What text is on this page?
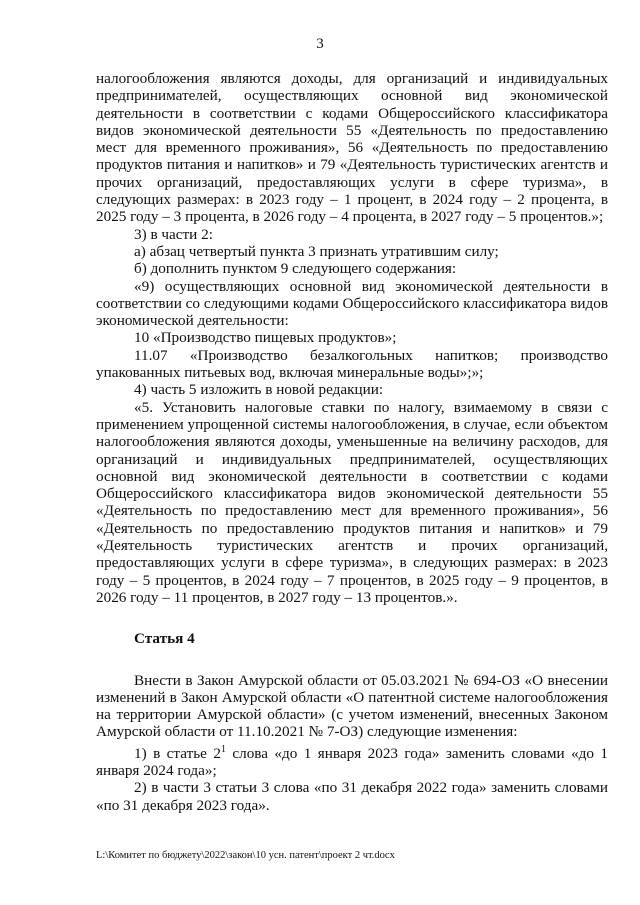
3

налогообложения являются доходы, для организаций и индивидуальных предпринимателей, осуществляющих основной вид экономической деятельности в соответствии с кодами Общероссийского классификатора видов экономической деятельности 55 «Деятельность по предоставлению мест для временного проживания», 56 «Деятельность по предоставлению продуктов питания и напитков» и 79 «Деятельность туристических агентств и прочих организаций, предоставляющих услуги в сфере туризма», в следующих размерах: в 2023 году – 1 процент, в 2024 году – 2 процента, в 2025 году – 3 процента, в 2026 году – 4 процента, в 2027 году – 5 процентов.»;

3) в части 2:

а) абзац четвертый пункта 3 признать утратившим силу;

б) дополнить пунктом 9 следующего содержания:

«9) осуществляющих основной вид экономической деятельности в соответствии со следующими кодами Общероссийского классификатора видов экономической деятельности:

10 «Производство пищевых продуктов»;

11.07 «Производство безалкогольных напитков; производство упакованных питьевых вод, включая минеральные воды»;»;

4) часть 5 изложить в новой редакции:

«5. Установить налоговые ставки по налогу, взимаемому в связи с применением упрощенной системы налогообложения, в случае, если объектом налогообложения являются доходы, уменьшенные на величину расходов, для организаций и индивидуальных предпринимателей, осуществляющих основной вид экономической деятельности в соответствии с кодами Общероссийского классификатора видов экономической деятельности 55 «Деятельность по предоставлению мест для временного проживания», 56 «Деятельность по предоставлению продуктов питания и напитков» и 79 «Деятельность туристических агентств и прочих организаций, предоставляющих услуги в сфере туризма», в следующих размерах: в 2023 году – 5 процентов, в 2024 году – 7 процентов, в 2025 году – 9 процентов, в 2026 году – 11 процентов, в 2027 году – 13 процентов.».

Статья 4

Внести в Закон Амурской области от 05.03.2021 № 694-ОЗ «О внесении изменений в Закон Амурской области «О патентной системе налогообложения на территории Амурской области» (с учетом изменений, внесенных Законом Амурской области от 11.10.2021 № 7-ОЗ) следующие изменения:

1) в статье $2^1$ слова «до 1 января 2023 года» заменить словами «до 1 января 2024 года»;

2) в части 3 статьи 3 слова «по 31 декабря 2022 года» заменить словами «по 31 декабря 2023 года».

L:\Комитет по бюджету\2022\закон\10 усн. патент\проект 2 чт.docx
